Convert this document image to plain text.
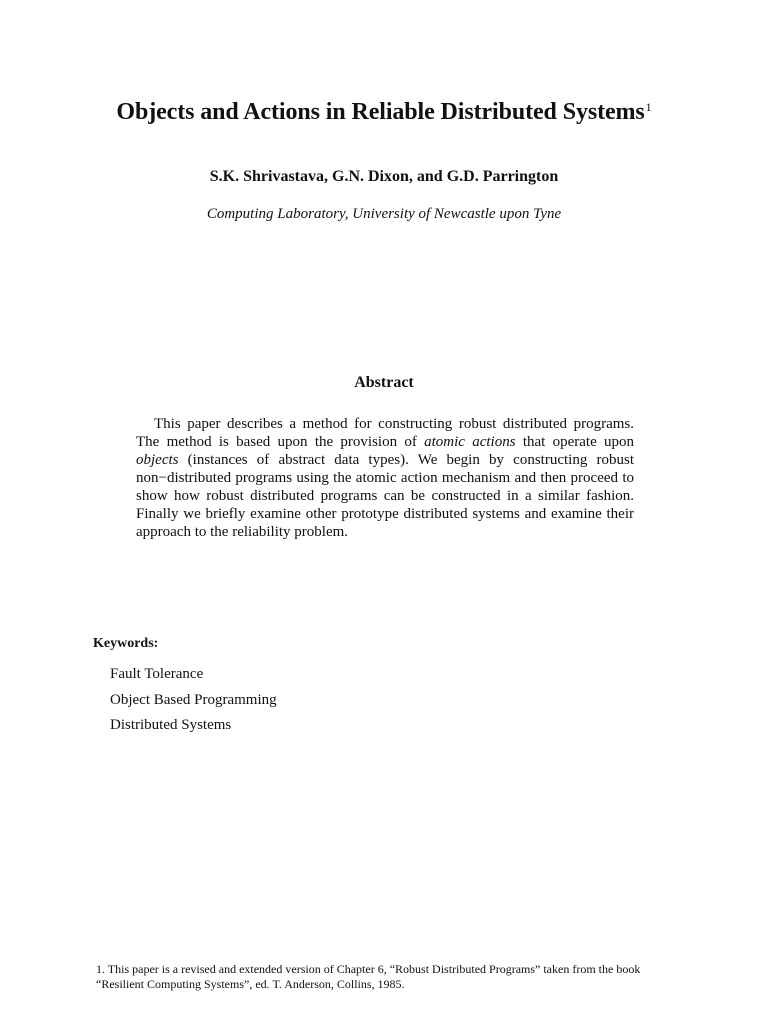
Objects and Actions in Reliable Distributed Systems$^1$
S.K. Shrivastava, G.N. Dixon, and G.D. Parrington
Computing Laboratory, University of Newcastle upon Tyne
Abstract

This paper describes a method for constructing robust distributed programs. The method is based upon the provision of atomic actions that operate upon objects (instances of abstract data types). We begin by constructing robust non−distributed programs using the atomic action mechanism and then proceed to show how robust distributed programs can be constructed in a similar fashion. Finally we briefly examine other prototype distributed systems and examine their approach to the reliability problem.

Keywords:
Fault Tolerance
Object Based Programming
Distributed Systems

1. This paper is a revised and extended version of Chapter 6, “Robust Distributed Programs” taken from the book “Resilient Computing Systems”, ed. T. Anderson, Collins, 1985.
